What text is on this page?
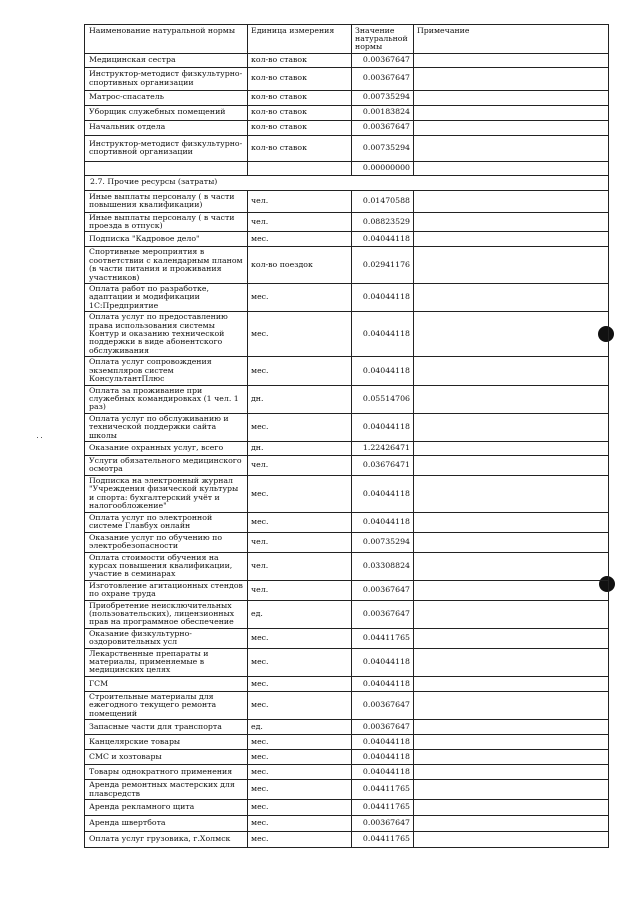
Наименование натуральной нормы	Единица измерения	Значение натуральной нормы	Примечание
Медицинская сестра	кол-во ставок	0.00367647	
Инструктор-методист физкультурно-спортивных организации	кол-во ставок	0.00367647	
Матрос-спасатель	кол-во ставок	0.00735294	
Уборщик служебных помещений	кол-во ставок	0.00183824	
Начальник отдела	кол-во ставок	0.00367647	
Инструктор-методист физкультурно-спортивной организации	кол-во ставок	0.00735294	
		0.00000000	
2.7. Прочие ресурсы (затраты)			
Иные выплаты персоналу ( в части повышения квалификации)	чел.	0.01470588	
Иные выплаты персоналу ( в части проезда в отпуск)	чел.	0.08823529	
Подписка "Кадровое дело"	мес.	0.04044118	
Спортивные мероприятия в соответствии с календарным планом (в части питания и проживания участников)	кол-во поездок	0.02941176	
Оплата работ по разработке, адаптации и модификации 1С:Предприятие	мес.	0.04044118	
Оплата услуг по предоставлению права использования системы Контур и оказанию технической поддержки в виде абонентского обслуживания	мес.	0.04044118	
Оплата услуг сопровождения экземпляров систем КонсультантПлюс	мес.	0.04044118	
Оплата за проживание при служебных командировках (1 чел. 1 раз)	дн.	0.05514706	
Оплата услуг по обслуживанию и технической поддержки сайта школы	мес.	0.04044118	
Оказание охранных услуг, всего	дн.	1.22426471	
Услуги обязательного медицинского осмотра	чел.	0.03676471	
Подписка на электронный журнал "Учреждения физической культуры и спорта: бухгалтерский учёт и налогообложение"	мес.	0.04044118	
Оплата услуг по электронной системе Главбух онлайн	мес.	0.04044118	
Оказание услуг по обучению по электробезопасности	чел.	0.00735294	
Оплата стоимости обучения на курсах повышения квалификации, участие в семинарах	чел.	0.03308824	
Изготовление агитационных стендов по охране труда	чел.	0.00367647	
Приобретение неисключительных (пользовательских), лицензионных прав на программное обеспечение	ед.	0.00367647	
Оказание физкультурно-оздоровительных усл	мес.	0.04411765	
Лекарственные препараты и материалы, применяемые в медицинских целях	мес.	0.04044118	
ГСМ	мес.	0.04044118	
Строительные материалы для ежегодного текущего ремонта помещений	мес.	0.00367647	
Запасные части для транспорта	ед.	0.00367647	
Канцелярские товары	мес.	0.04044118	
СМС и хозтовары	мес.	0.04044118	
Товары однократного применения	мес.	0.04044118	
Аренда ремонтных мастерских для плавсредств	мес.	0.04411765	
Аренда рекламного щита	мес.	0.04411765	
Аренда швертбота	мес.	0.00367647	
Оплата услуг грузовика, г.Холмск	мес.	0.04411765	
